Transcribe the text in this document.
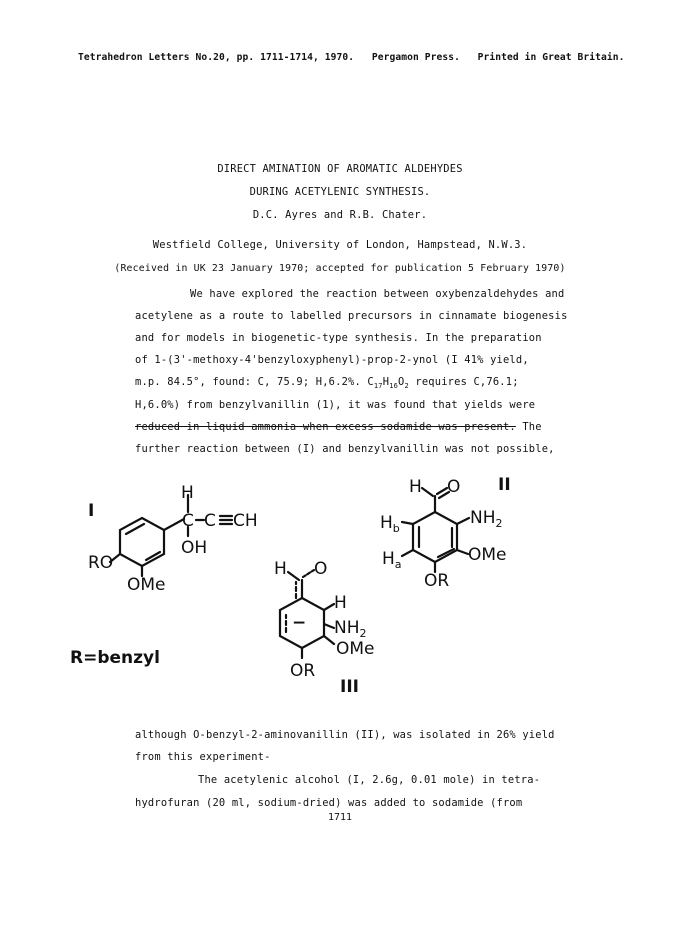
Tetrahedron Letters No.20, pp. 1711-1714, 1970. Pergamon Press. Printed in Great Britain.
DIRECT AMINATION OF AROMATIC ALDEHYDES
DURING ACETYLENIC SYNTHESIS.
D.C. Ayres and R.B. Chater.
Westfield College, University of London, Hampstead, N.W.3.
(Received in UK 23 January 1970; accepted for publication 5 February 1970)
We have explored the reaction between oxybenzaldehydes and
acetylene as a route to labelled precursors in cinnamate biogenesis
and for models in biogenetic-type synthesis. In the preparation
of 1-(3'-methoxy-4'benzyloxyphenyl)-prop-2-ynol (I 41% yield,
m.p. 84.5°, found: C, 75.9; H,6.2%. $C_{17}H_{16}O_2$ requires C,76.1;
H,6.0%) from benzylvanillin (1), it was found that yields were
reduced in liquid ammonia when excess sodamide was present. The
further reaction between (I) and benzylvanillin was not possible,
I
H
C C CH
OH
RO
OMe
II
H O
$NH_2$
OMe
$H_b$
$H_a$
OR
III
H O
H
$NH_2$
OMe
OR
−
R=benzyl
although O-benzyl-2-aminovanillin (II), was isolated in 26% yield
from this experiment-
The acetylenic alcohol (I, 2.6g, 0.01 mole) in tetra-
hydrofuran (20 ml, sodium-dried) was added to sodamide (from
1711
